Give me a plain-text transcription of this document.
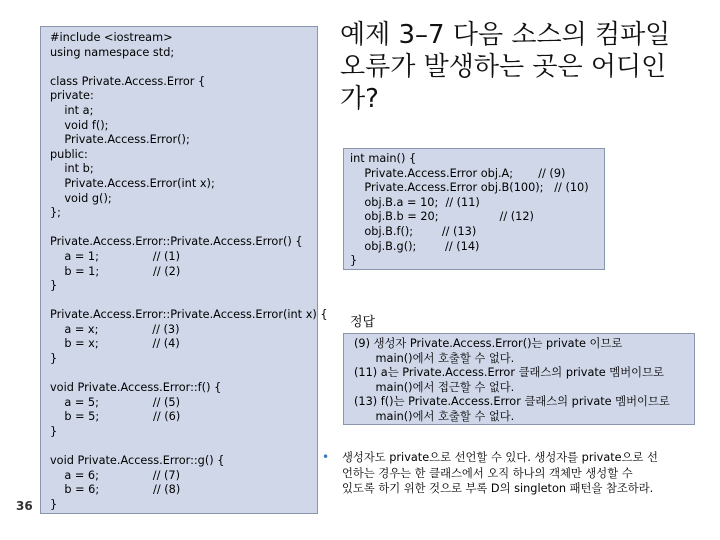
#include <iostream>
using namespace std;
class Private.Access.Error {
private:
int a;
void f();
Private.Access.Error();
public:
int b;
Private.Access.Error(int x);
void g();
};
Private.Access.Error::Private.Access.Error() {
a = 1;               // (1)
b = 1;               // (2)
}
Private.Access.Error::Private.Access.Error(int x) {
a = x;               // (3)
b = x;               // (4)
}
void Private.Access.Error::f() {
a = 5;               // (5)
b = 5;               // (6)
}
void Private.Access.Error::g() {
a = 6;               // (7)
b = 6;               // (8)
}
예제 3–7 다음 소스의 컴파일
오류가 발생하는 곳은 어디인
가?
int main() {
Private.Access.Error obj.A;       // (9)
Private.Access.Error obj.B(100);   // (10)
obj.B.a = 10;  // (11)
obj.B.b = 20;                 // (12)
obj.B.f();        // (13)
obj.B.g();        // (14)
}
정답
(9) 생성자 Private.Access.Error()는 private 이므로
main()에서 호출할 수 없다.
(11) a는 Private.Access.Error 클래스의 private 멤버이므로
main()에서 접근할 수 없다.
(13) f()는 Private.Access.Error 클래스의 private 멤버이므로
main()에서 호출할 수 없다.
• 생성자도 private으로 선언할 수 있다. 생성자를 private으로 선
언하는 경우는 한 클래스에서 오직 하나의 객체만 생성할 수
있도록 하기 위한 것으로 부록 D의 singleton 패턴을 참조하라.
36
